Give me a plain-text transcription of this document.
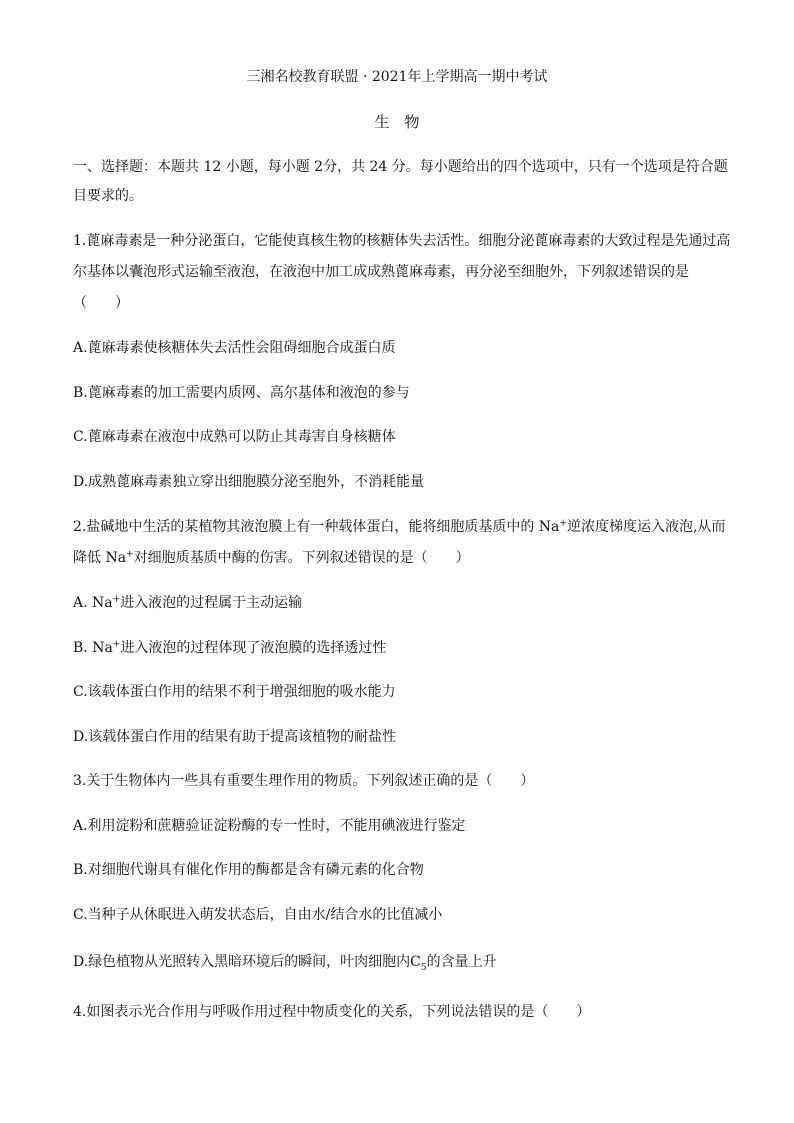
三湘名校教育联盟 · 2021年上学期高一期中考试
生　物
一、选择题：本题共 12 小题，每小题 2分，共 24 分。每小题给出的四个选项中，只有一个选项是符合题
目要求的。
1.蓖麻毒素是一种分泌蛋白，它能使真核生物的核糖体失去活性。细胞分泌蓖麻毒素的大致过程是先通过高
尔基体以囊泡形式运输至液泡，在液泡中加工成成熟蓖麻毒素，再分泌至细胞外，下列叙述错误的是
（　　）
A.蓖麻毒素使核糖体失去活性会阻碍细胞合成蛋白质
B.蓖麻毒素的加工需要内质网、高尔基体和液泡的参与
C.蓖麻毒素在液泡中成熟可以防止其毒害自身核糖体
D.成熟蓖麻毒素独立穿出细胞膜分泌至胞外，不消耗能量
2.盐碱地中生活的某植物其液泡膜上有一种载体蛋白，能将细胞质基质中的 Na+逆浓度梯度运入液泡,从而
降低 Na+对细胞质基质中酶的伤害。下列叙述错误的是（　　）
A. Na+进入液泡的过程属于主动运输
B. Na+进入液泡的过程体现了液泡膜的选择透过性
C.该载体蛋白作用的结果不利于增强细胞的吸水能力
D.该载体蛋白作用的结果有助于提高该植物的耐盐性
3.关于生物体内一些具有重要生理作用的物质。下列叙述正确的是（　　）
A.利用淀粉和蔗糖验证淀粉酶的专一性时，不能用碘液进行鉴定
B.对细胞代谢具有催化作用的酶都是含有磷元素的化合物
C.当种子从休眠进入萌发状态后，自由水/结合水的比值减小
D.绿色植物从光照转入黑暗环境后的瞬间，叶肉细胞内$C_5$的含量上升
4.如图表示光合作用与呼吸作用过程中物质变化的关系，下列说法错误的是（　　）
